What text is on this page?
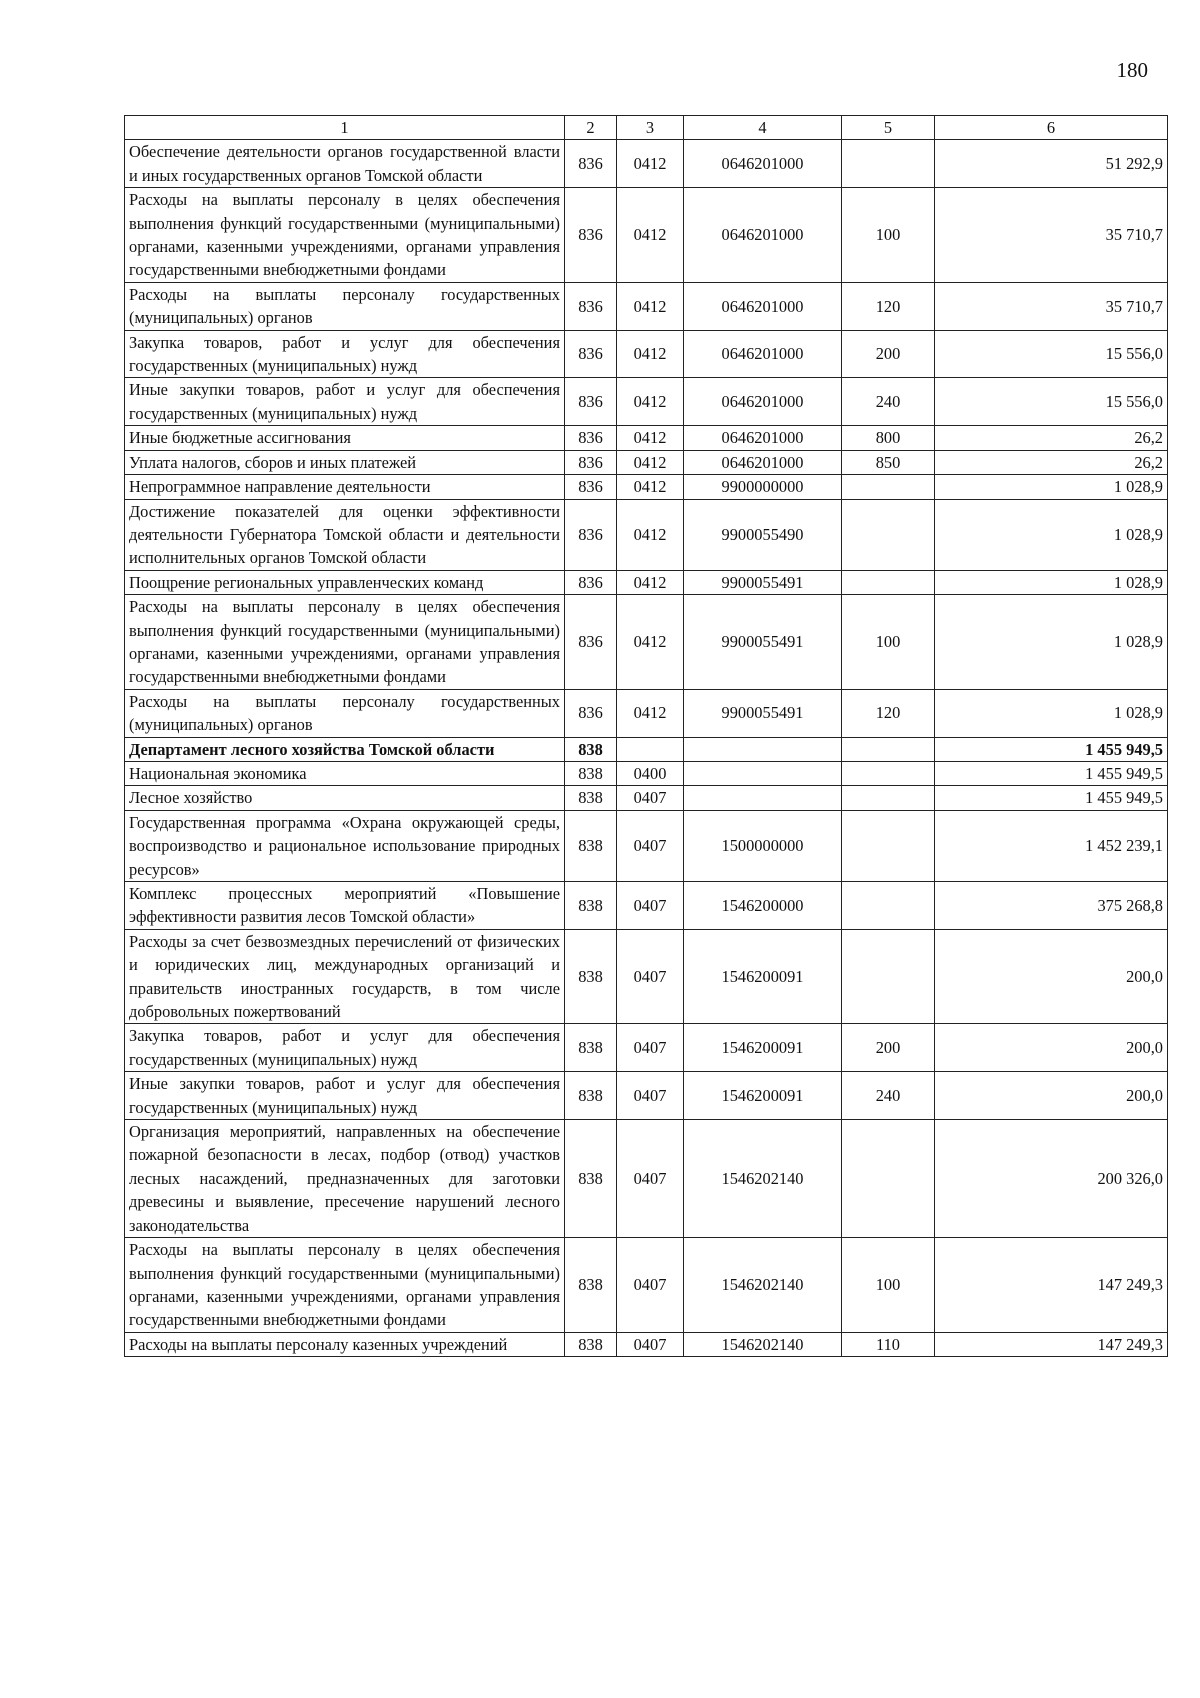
180
1	2	3	4	5	6
Обеспечение деятельности органов государственной власти и иных государственных органов Томской области	836	0412	0646201000		51 292,9
Расходы на выплаты персоналу в целях обеспечения выполнения функций государственными (муниципальными) органами, казенными учреждениями, органами управления государственными внебюджетными фондами	836	0412	0646201000	100	35 710,7
Расходы на выплаты персоналу государственных (муниципальных) органов	836	0412	0646201000	120	35 710,7
Закупка товаров, работ и услуг для обеспечения государственных (муниципальных) нужд	836	0412	0646201000	200	15 556,0
Иные закупки товаров, работ и услуг для обеспечения государственных (муниципальных) нужд	836	0412	0646201000	240	15 556,0
Иные бюджетные ассигнования	836	0412	0646201000	800	26,2
Уплата налогов, сборов и иных платежей	836	0412	0646201000	850	26,2
Непрограммное направление деятельности	836	0412	9900000000		1 028,9
Достижение показателей для оценки эффективности деятельности Губернатора Томской области и деятельности исполнительных органов Томской области	836	0412	9900055490		1 028,9
Поощрение региональных управленческих команд	836	0412	9900055491		1 028,9
Расходы на выплаты персоналу в целях обеспечения выполнения функций государственными (муниципальными) органами, казенными учреждениями, органами управления государственными внебюджетными фондами	836	0412	9900055491	100	1 028,9
Расходы на выплаты персоналу государственных (муниципальных) органов	836	0412	9900055491	120	1 028,9
Департамент лесного хозяйства Томской области	838				1 455 949,5
Национальная экономика	838	0400			1 455 949,5
Лесное хозяйство	838	0407			1 455 949,5
Государственная программа «Охрана окружающей среды, воспроизводство и рациональное использование природных ресурсов»	838	0407	1500000000		1 452 239,1
Комплекс процессных мероприятий «Повышение эффективности развития лесов Томской области»	838	0407	1546200000		375 268,8
Расходы за счет безвозмездных перечислений от физических и юридических лиц, международных организаций и правительств иностранных государств, в том числе добровольных пожертвований	838	0407	1546200091		200,0
Закупка товаров, работ и услуг для обеспечения государственных (муниципальных) нужд	838	0407	1546200091	200	200,0
Иные закупки товаров, работ и услуг для обеспечения государственных (муниципальных) нужд	838	0407	1546200091	240	200,0
Организация мероприятий, направленных на обеспечение пожарной безопасности в лесах, подбор (отвод) участков лесных насаждений, предназначенных для заготовки древесины и выявление, пресечение нарушений лесного законодательства	838	0407	1546202140		200 326,0
Расходы на выплаты персоналу в целях обеспечения выполнения функций государственными (муниципальными) органами, казенными учреждениями, органами управления государственными внебюджетными фондами	838	0407	1546202140	100	147 249,3
Расходы на выплаты персоналу казенных учреждений	838	0407	1546202140	110	147 249,3
